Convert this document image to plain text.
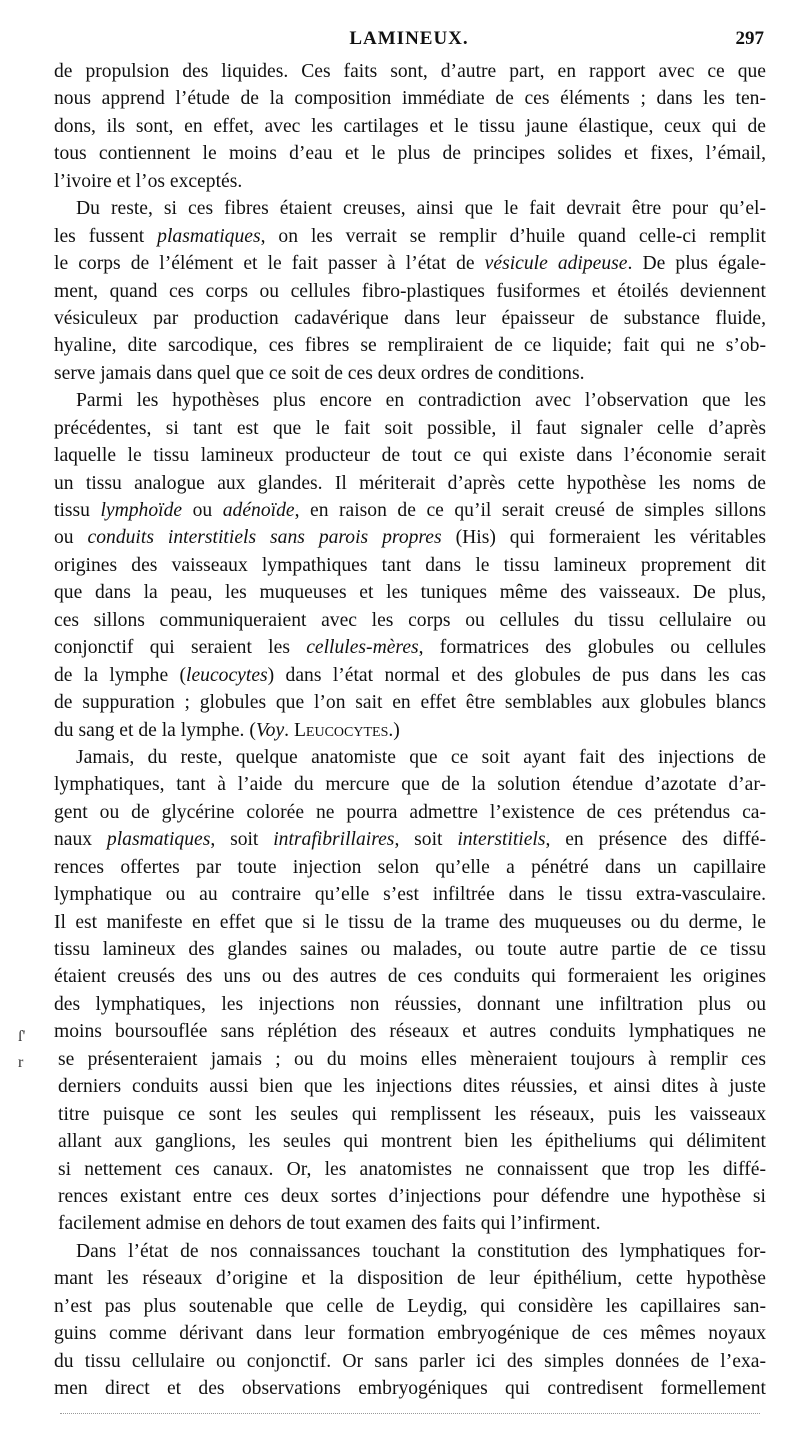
LAMINEUX.	297
ſ'
r
de propulsion des liquides. Ces faits sont, d’autre part, en rapport avec ce que
nous apprend l’étude de la composition immédiate de ces éléments ; dans les ten-
dons, ils sont, en effet, avec les cartilages et le tissu jaune élastique, ceux qui de
tous contiennent le moins d’eau et le plus de principes solides et fixes, l’émail,
l’ivoire et l’os exceptés.
Du reste, si ces fibres étaient creuses, ainsi que le fait devrait être pour qu’el-
les fussent plasmatiques, on les verrait se remplir d’huile quand celle-ci remplit
le corps de l’élément et le fait passer à l’état de vésicule adipeuse. De plus égale-
ment, quand ces corps ou cellules fibro-plastiques fusiformes et étoilés deviennent
vésiculeux par production cadavérique dans leur épaisseur de substance fluide,
hyaline, dite sarcodique, ces fibres se rempliraient de ce liquide; fait qui ne s’ob-
serve jamais dans quel que ce soit de ces deux ordres de conditions.
Parmi les hypothèses plus encore en contradiction avec l’observation que les
précédentes, si tant est que le fait soit possible, il faut signaler celle d’après
laquelle le tissu lamineux producteur de tout ce qui existe dans l’économie serait
un tissu analogue aux glandes. Il mériterait d’après cette hypothèse les noms de
tissu lymphoïde ou adénoïde, en raison de ce qu’il serait creusé de simples sillons
ou conduits interstitiels sans parois propres (His) qui formeraient les véritables
origines des vaisseaux lympathiques tant dans le tissu lamineux proprement dit
que dans la peau, les muqueuses et les tuniques même des vaisseaux. De plus,
ces sillons communiqueraient avec les corps ou cellules du tissu cellulaire ou
conjonctif qui seraient les cellules-mères, formatrices des globules ou cellules
de la lymphe (leucocytes) dans l’état normal et des globules de pus dans les cas
de suppuration ; globules que l’on sait en effet être semblables aux globules blancs
du sang et de la lymphe. (Voy. Leucocytes.)
Jamais, du reste, quelque anatomiste que ce soit ayant fait des injections de
lymphatiques, tant à l’aide du mercure que de la solution étendue d’azotate d’ar-
gent ou de glycérine colorée ne pourra admettre l’existence de ces prétendus ca-
naux plasmatiques, soit intrafibrillaires, soit interstitiels, en présence des diffé-
rences offertes par toute injection selon qu’elle a pénétré dans un capillaire
lymphatique ou au contraire qu’elle s’est infiltrée dans le tissu extra-vasculaire.
Il est manifeste en effet que si le tissu de la trame des muqueuses ou du derme, le
tissu lamineux des glandes saines ou malades, ou toute autre partie de ce tissu
étaient creusés des uns ou des autres de ces conduits qui formeraient les origines
des lymphatiques, les injections non réussies, donnant une infiltration plus ou
moins boursouflée sans réplétion des réseaux et autres conduits lymphatiques ne
se présenteraient jamais ; ou du moins elles mèneraient toujours à remplir ces
derniers conduits aussi bien que les injections dites réussies, et ainsi dites à juste
titre puisque ce sont les seules qui remplissent les réseaux, puis les vaisseaux
allant aux ganglions, les seules qui montrent bien les épitheliums qui délimitent
si nettement ces canaux. Or, les anatomistes ne connaissent que trop les diffé-
rences existant entre ces deux sortes d’injections pour défendre une hypothèse si
facilement admise en dehors de tout examen des faits qui l’infirment.
Dans l’état de nos connaissances touchant la constitution des lymphatiques for-
mant les réseaux d’origine et la disposition de leur épithélium, cette hypothèse
n’est pas plus soutenable que celle de Leydig, qui considère les capillaires san-
guins comme dérivant dans leur formation embryogénique de ces mêmes noyaux
du tissu cellulaire ou conjonctif. Or sans parler ici des simples données de l’exa-
men direct et des observations embryogéniques qui contredisent formellement
